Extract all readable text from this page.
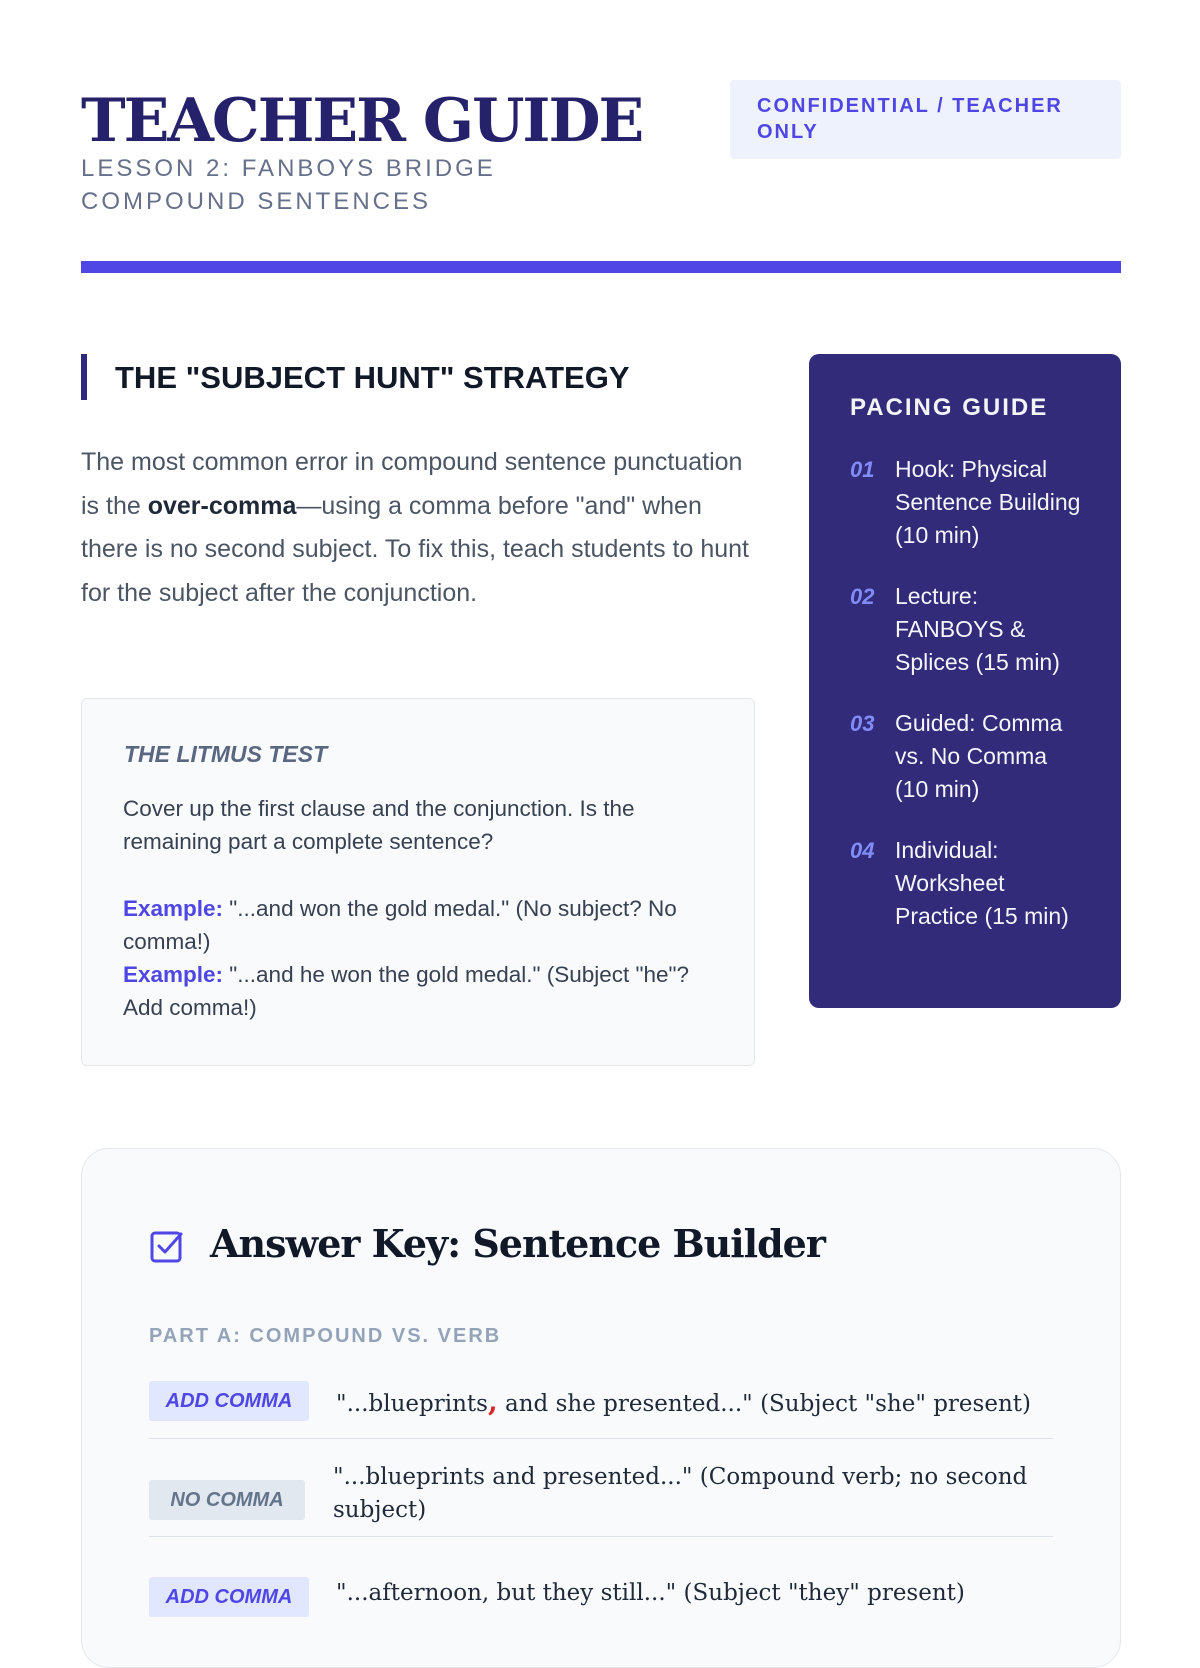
TEACHER GUIDE
LESSON 2: FANBOYS BRIDGE COMPOUND SENTENCES
CONFIDENTIAL / TEACHER ONLY
THE "SUBJECT HUNT" STRATEGY
The most common error in compound sentence punctuation is the over-comma—using a comma before "and" when there is no second subject. To fix this, teach students to hunt for the subject after the conjunction.
THE LITMUS TEST
Cover up the first clause and the conjunction. Is the remaining part a complete sentence?
Example: "...and won the gold medal." (No subject? No comma!)
Example: "...and he won the gold medal." (Subject "he"? Add comma!)
PACING GUIDE
01 Hook: Physical Sentence Building (10 min)
02 Lecture: FANBOYS & Splices (15 min)
03 Guided: Comma vs. No Comma (10 min)
04 Individual: Worksheet Practice (15 min)
Answer Key: Sentence Builder
PART A: COMPOUND VS. VERB
ADD COMMA	"...blueprints, and she presented..." (Subject "she" present)
NO COMMA
"...blueprints and presented..." (Compound verb; no second subject)
ADD COMMA	"...afternoon, but they still..." (Subject "they" present)
